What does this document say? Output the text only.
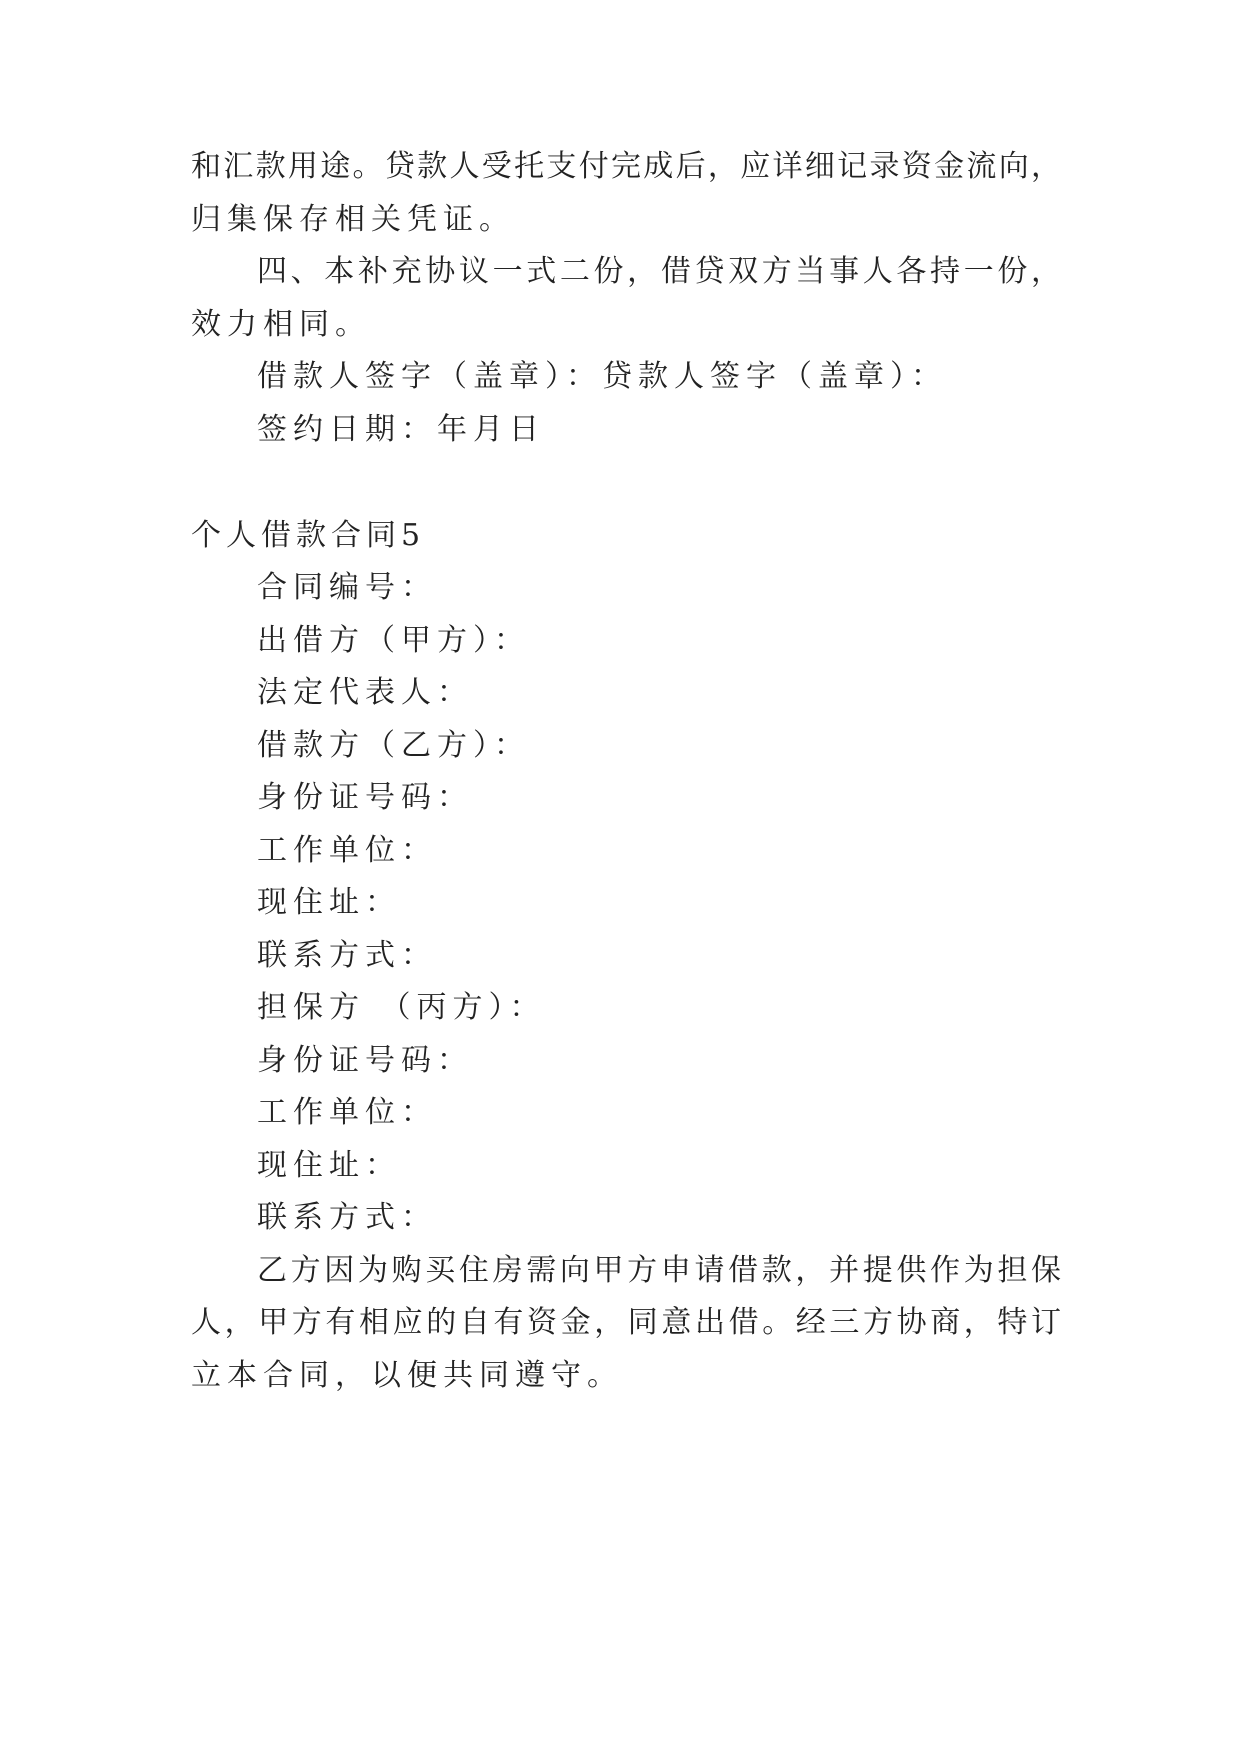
和汇款用途。贷款人受托支付完成后，应详细记录资金流向，
归集保存相关凭证。
四、本补充协议一式二份，借贷双方当事人各持一份，
效力相同。
借款人签字（盖章）：贷款人签字（盖章）：
签约日期：年月日
个人借款合同5
合同编号：
出借方（甲方）：
法定代表人：
借款方（乙方）：
身份证号码：
工作单位：
现住址：
联系方式：
担保方 （丙方）：
身份证号码：
工作单位：
现住址：
联系方式：
乙方因为购买住房需向甲方申请借款，并提供作为担保
人，甲方有相应的自有资金，同意出借。经三方协商，特订
立本合同，以便共同遵守。
